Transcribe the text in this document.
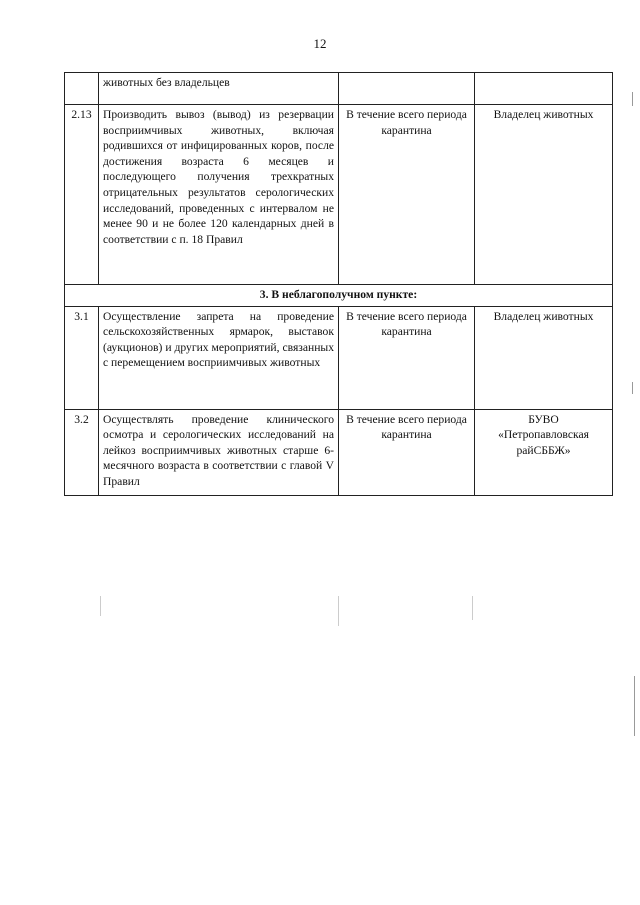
12
	животных без владельцев		
2.13	Производить вывоз (вывод) из резервации восприимчивых животных, включая родившихся от инфицированных коров, после достижения возраста 6 месяцев и последующего получения трехкратных отрицательных результатов серологических исследований, проведенных с интервалом не менее 90 и не более 120 календарных дней в соответствии с п. 18 Правил	В течение всего периода карантина	Владелец животных
3. В неблагополучном пункте:			
3.1	Осуществление запрета на проведение сельскохозяйственных ярмарок, выставок (аукционов) и других мероприятий, связанных с перемещением восприимчивых животных	В течение всего периода карантина	Владелец животных
3.2	Осуществлять проведение клинического осмотра и серологических исследований на лейкоз восприимчивых животных старше 6-месячного возраста в соответствии с главой V Правил	В течение всего периода карантина	БУВО
«Петропавловская
райСББЖ»
